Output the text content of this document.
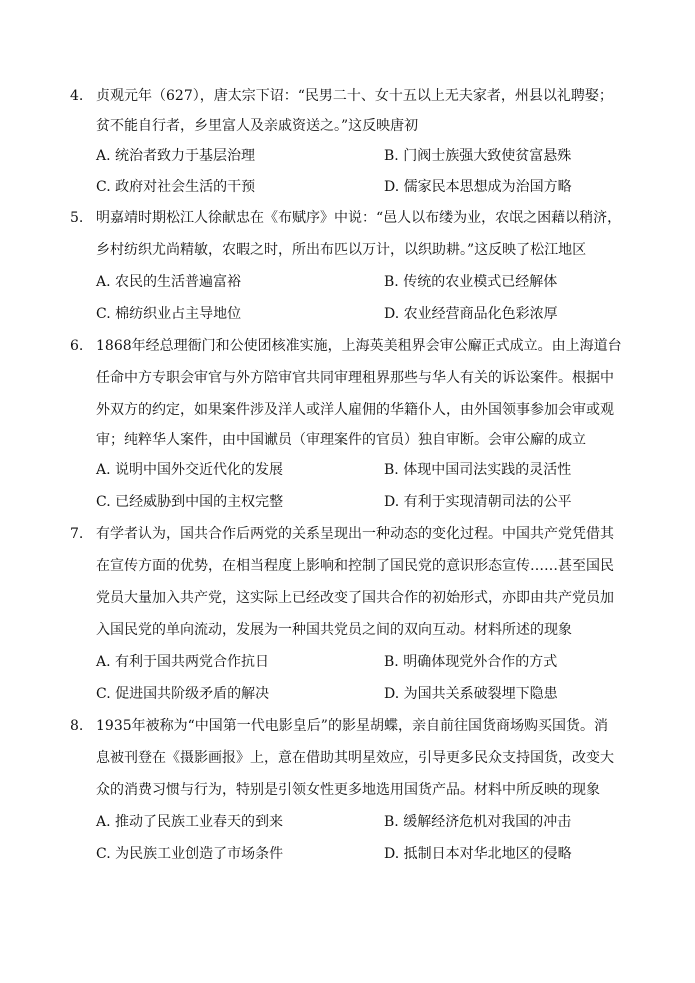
4. 贞观元年（627），唐太宗下诏：“民男二十、女十五以上无夫家者，州县以礼聘娶；
贫不能自行者，乡里富人及亲戚资送之。”这反映唐初
A. 统治者致力于基层治理	B. 门阀士族强大致使贫富悬殊
C. 政府对社会生活的干预	D. 儒家民本思想成为治国方略
5. 明嘉靖时期松江人徐献忠在《布赋序》中说：“邑人以布缕为业，农氓之困藉以稍济，
乡村纺织尤尚精敏，农暇之时，所出布匹以万计，以织助耕。”这反映了松江地区
A. 农民的生活普遍富裕	B. 传统的农业模式已经解体
C. 棉纺织业占主导地位	D. 农业经营商品化色彩浓厚
6. 1868年经总理衙门和公使团核准实施，上海英美租界会审公廨正式成立。由上海道台
任命中方专职会审官与外方陪审官共同审理租界那些与华人有关的诉讼案件。根据中
外双方的约定，如果案件涉及洋人或洋人雇佣的华籍仆人，由外国领事参加会审或观
审；纯粹华人案件，由中国谳员（审理案件的官员）独自审断。会审公廨的成立
A. 说明中国外交近代化的发展	B. 体现中国司法实践的灵活性
C. 已经威胁到中国的主权完整	D. 有利于实现清朝司法的公平
7. 有学者认为，国共合作后两党的关系呈现出一种动态的变化过程。中国共产党凭借其
在宣传方面的优势，在相当程度上影响和控制了国民党的意识形态宣传……甚至国民
党员大量加入共产党，这实际上已经改变了国共合作的初始形式，亦即由共产党员加
入国民党的单向流动，发展为一种国共党员之间的双向互动。材料所述的现象
A. 有利于国共两党合作抗日	B. 明确体现党外合作的方式
C. 促进国共阶级矛盾的解决	D. 为国共关系破裂埋下隐患
8. 1935年被称为“中国第一代电影皇后”的影星胡蝶，亲自前往国货商场购买国货。消
息被刊登在《摄影画报》上，意在借助其明星效应，引导更多民众支持国货，改变大
众的消费习惯与行为，特别是引领女性更多地选用国货产品。材料中所反映的现象
A. 推动了民族工业春天的到来	B. 缓解经济危机对我国的冲击
C. 为民族工业创造了市场条件	D. 抵制日本对华北地区的侵略
